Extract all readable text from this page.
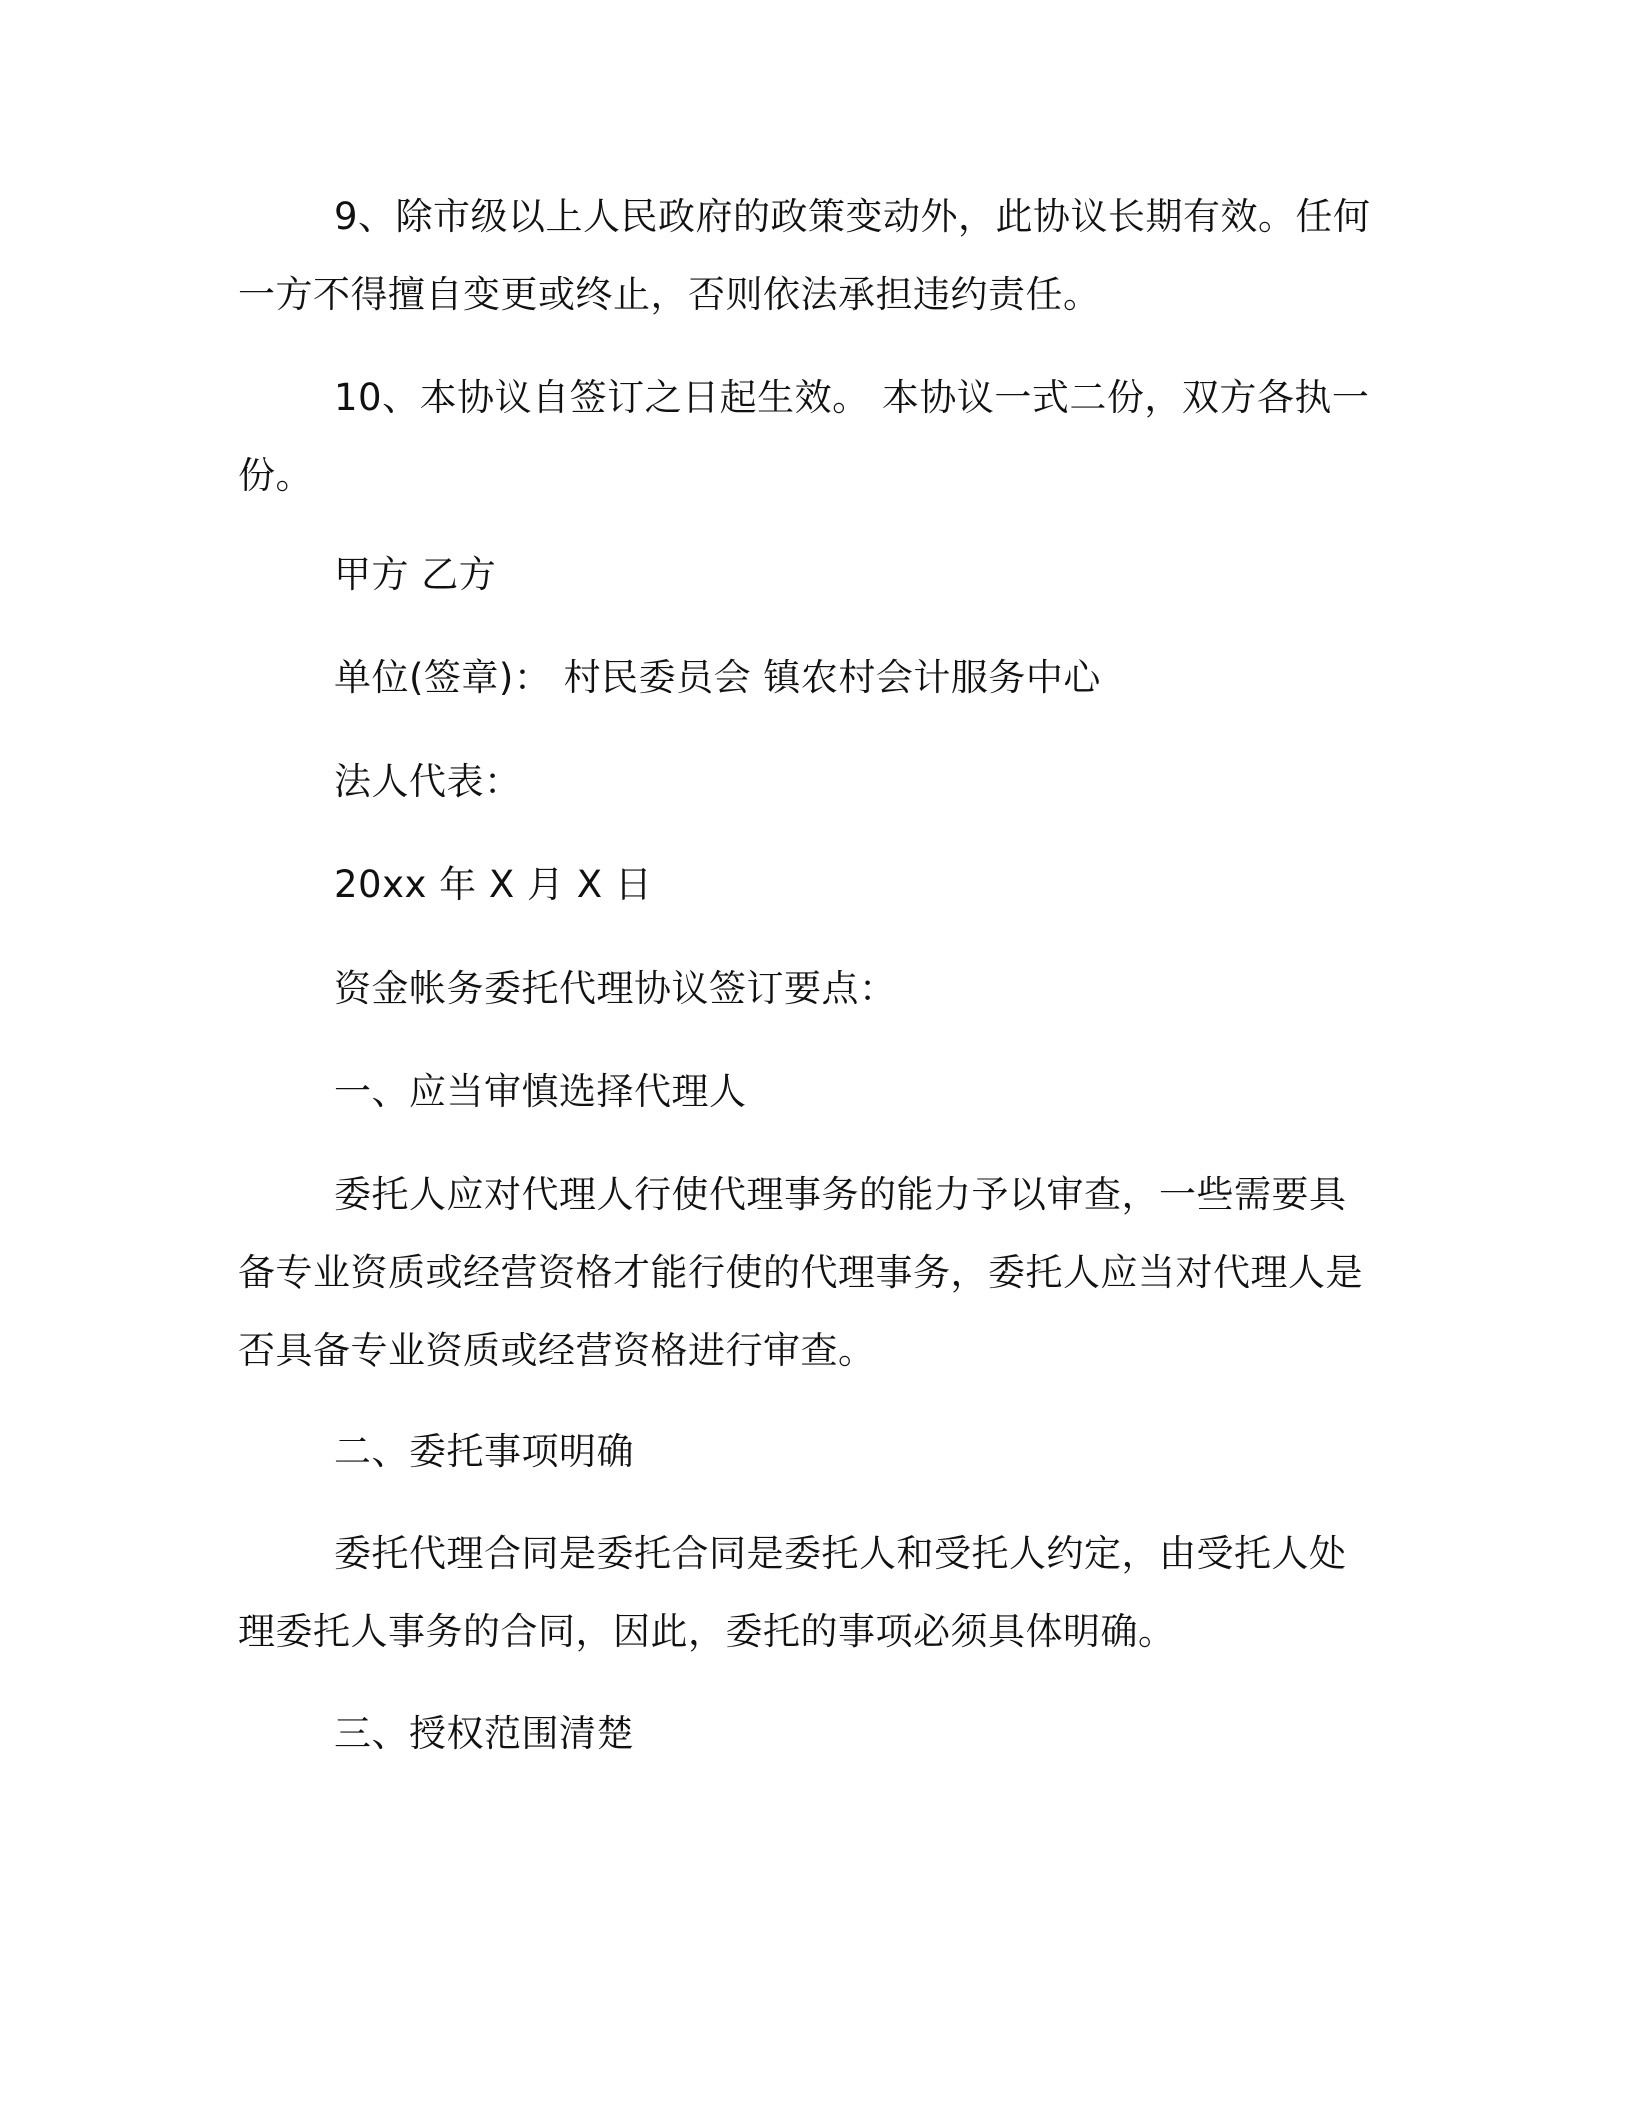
9、除市级以上人民政府的政策变动外，此协议长期有效。任何一方不得擅自变更或终止，否则依法承担违约责任。

10、本协议自签订之日起生效。 本协议一式二份，双方各执一份。

甲方 乙方

单位(签章)： 村民委员会 镇农村会计服务中心

法人代表：

20xx 年 X 月 X 日

资金帐务委托代理协议签订要点：

一、应当审慎选择代理人

委托人应对代理人行使代理事务的能力予以审查，一些需要具备专业资质或经营资格才能行使的代理事务，委托人应当对代理人是否具备专业资质或经营资格进行审查。

二、委托事项明确

委托代理合同是委托合同是委托人和受托人约定，由受托人处理委托人事务的合同，因此，委托的事项必须具体明确。

三、授权范围清楚
